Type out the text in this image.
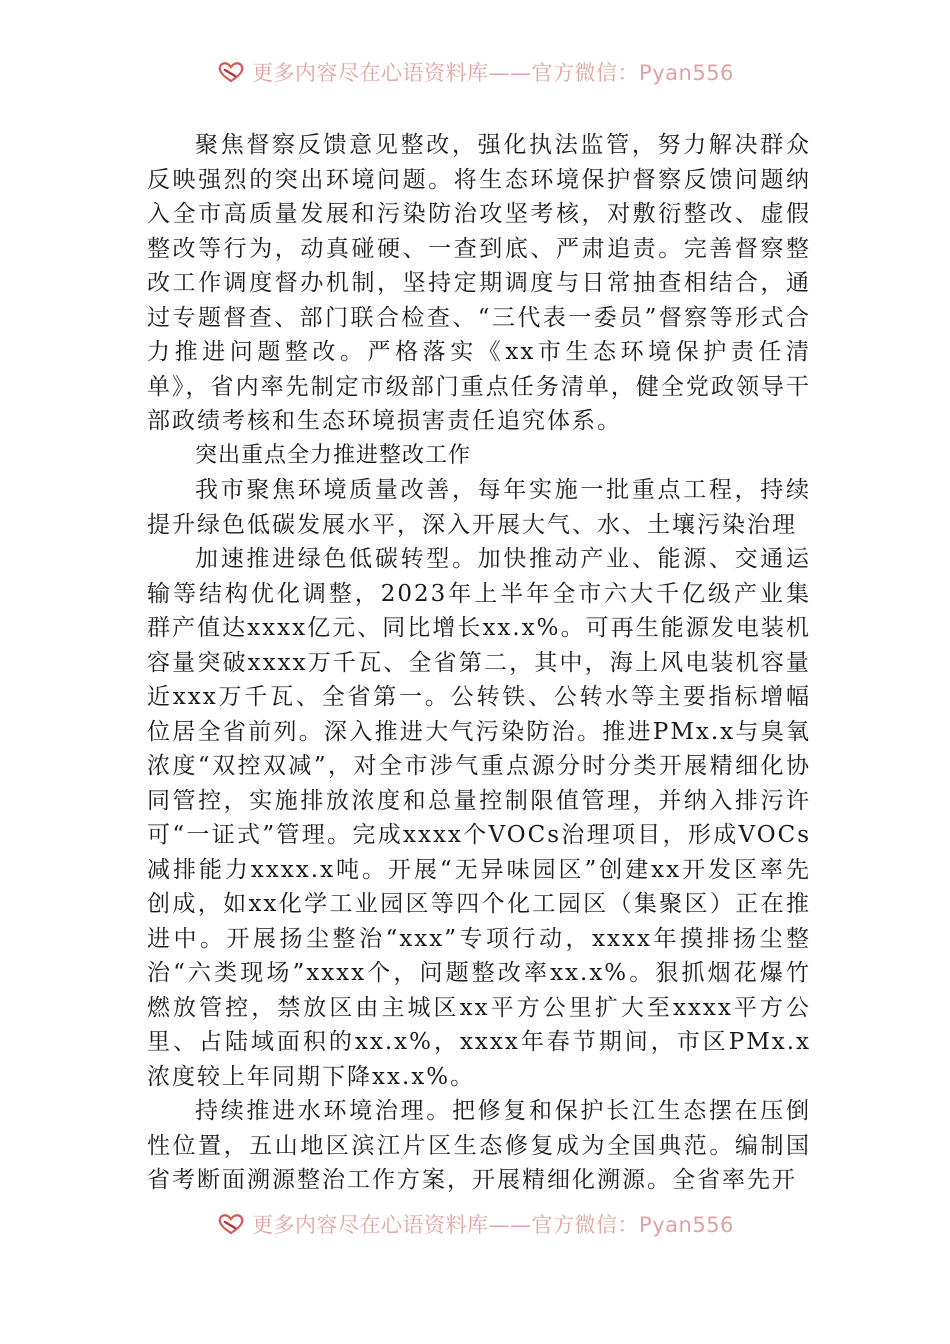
更多内容尽在心语资料库——官方微信：Pyan556

聚焦督察反馈意见整改，强化执法监管，努力解决群众反映强烈的突出环境问题。将生态环境保护督察反馈问题纳入全市高质量发展和污染防治攻坚考核，对敷衍整改、虚假整改等行为，动真碰硬、一查到底、严肃追责。完善督察整改工作调度督办机制，坚持定期调度与日常抽查相结合，通过专题督查、部门联合检查、“三代表一委员”督察等形式合力推进问题整改。严格落实《xx市生态环境保护责任清单》，省内率先制定市级部门重点任务清单，健全党政领导干部政绩考核和生态环境损害责任追究体系。

突出重点全力推进整改工作

我市聚焦环境质量改善，每年实施一批重点工程，持续提升绿色低碳发展水平，深入开展大气、水、土壤污染治理

加速推进绿色低碳转型。加快推动产业、能源、交通运输等结构优化调整，2023年上半年全市六大千亿级产业集群产值达xxxx亿元、同比增长xx.x%。可再生能源发电装机容量突破xxxx万千瓦、全省第二，其中，海上风电装机容量近xxx万千瓦、全省第一。公转铁、公转水等主要指标增幅位居全省前列。深入推进大气污染防治。推进PMx.x与臭氧浓度“双控双减”，对全市涉气重点源分时分类开展精细化协同管控，实施排放浓度和总量控制限值管理，并纳入排污许可“一证式”管理。完成xxxx个VOCs治理项目，形成VOCs减排能力xxxx.x吨。开展“无异味园区”创建xx开发区率先创成，如xx化学工业园区等四个化工园区（集聚区）正在推进中。开展扬尘整治“xxx”专项行动，xxxx年摸排扬尘整治“六类现场”xxxx个，问题整改率xx.x%。狠抓烟花爆竹燃放管控，禁放区由主城区xx平方公里扩大至xxxx平方公里、占陆域面积的xx.x%，xxxx年春节期间，市区PMx.x浓度较上年同期下降xx.x%。

持续推进水环境治理。把修复和保护长江生态摆在压倒性位置，五山地区滨江片区生态修复成为全国典范。编制国省考断面溯源整治工作方案，开展精细化溯源。全省率先开

更多内容尽在心语资料库——官方微信：Pyan556
